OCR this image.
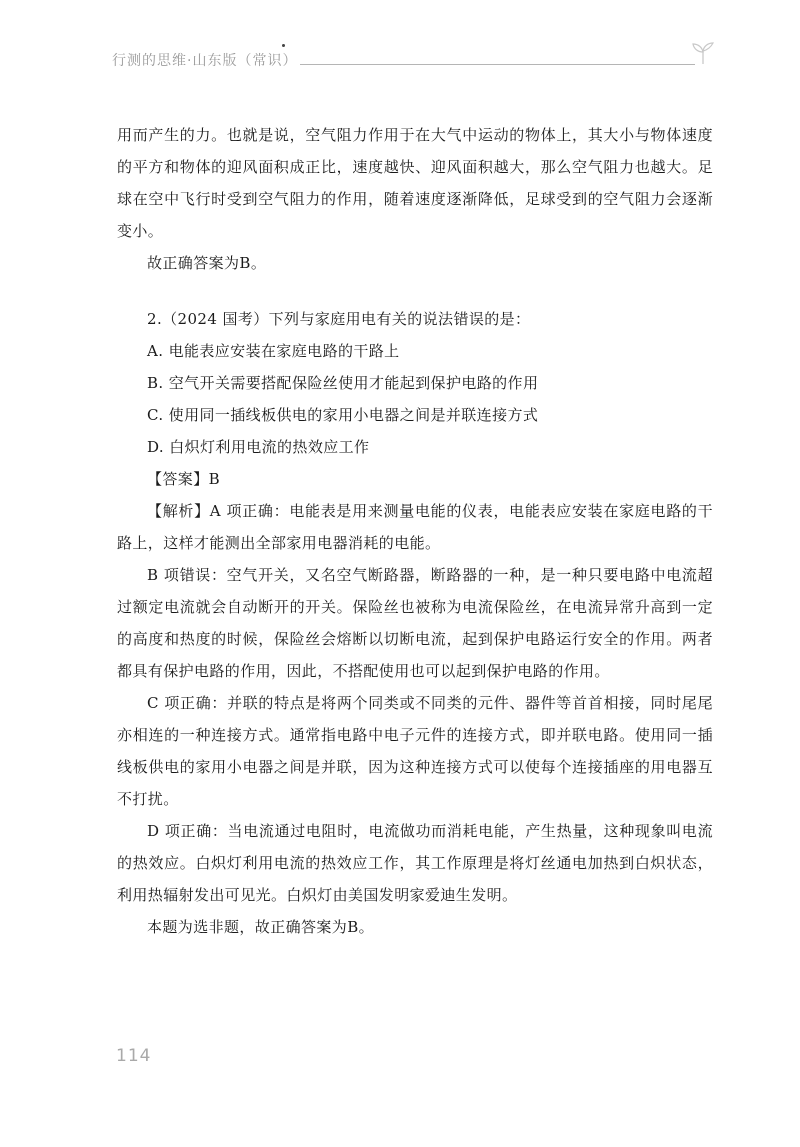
行测的思维·山东版（常识）

用而产生的力。也就是说，空气阻力作用于在大气中运动的物体上，其大小与物体速度的平方和物体的迎风面积成正比，速度越快、迎风面积越大，那么空气阻力也越大。足球在空中飞行时受到空气阻力的作用，随着速度逐渐降低，足球受到的空气阻力会逐渐变小。

故正确答案为B。

2.（2024 国考）下列与家庭用电有关的说法错误的是：

A. 电能表应安装在家庭电路的干路上

B. 空气开关需要搭配保险丝使用才能起到保护电路的作用

C. 使用同一插线板供电的家用小电器之间是并联连接方式

D. 白炽灯利用电流的热效应工作

【答案】B

【解析】A 项正确：电能表是用来测量电能的仪表，电能表应安装在家庭电路的干路上，这样才能测出全部家用电器消耗的电能。

B 项错误：空气开关，又名空气断路器，断路器的一种，是一种只要电路中电流超过额定电流就会自动断开的开关。保险丝也被称为电流保险丝，在电流异常升高到一定的高度和热度的时候，保险丝会熔断以切断电流，起到保护电路运行安全的作用。两者都具有保护电路的作用，因此，不搭配使用也可以起到保护电路的作用。

C 项正确：并联的特点是将两个同类或不同类的元件、器件等首首相接，同时尾尾亦相连的一种连接方式。通常指电路中电子元件的连接方式，即并联电路。使用同一插线板供电的家用小电器之间是并联，因为这种连接方式可以使每个连接插座的用电器互不打扰。

D 项正确：当电流通过电阻时，电流做功而消耗电能，产生热量，这种现象叫电流的热效应。白炽灯利用电流的热效应工作，其工作原理是将灯丝通电加热到白炽状态，利用热辐射发出可见光。白炽灯由美国发明家爱迪生发明。

本题为选非题，故正确答案为B。

114
